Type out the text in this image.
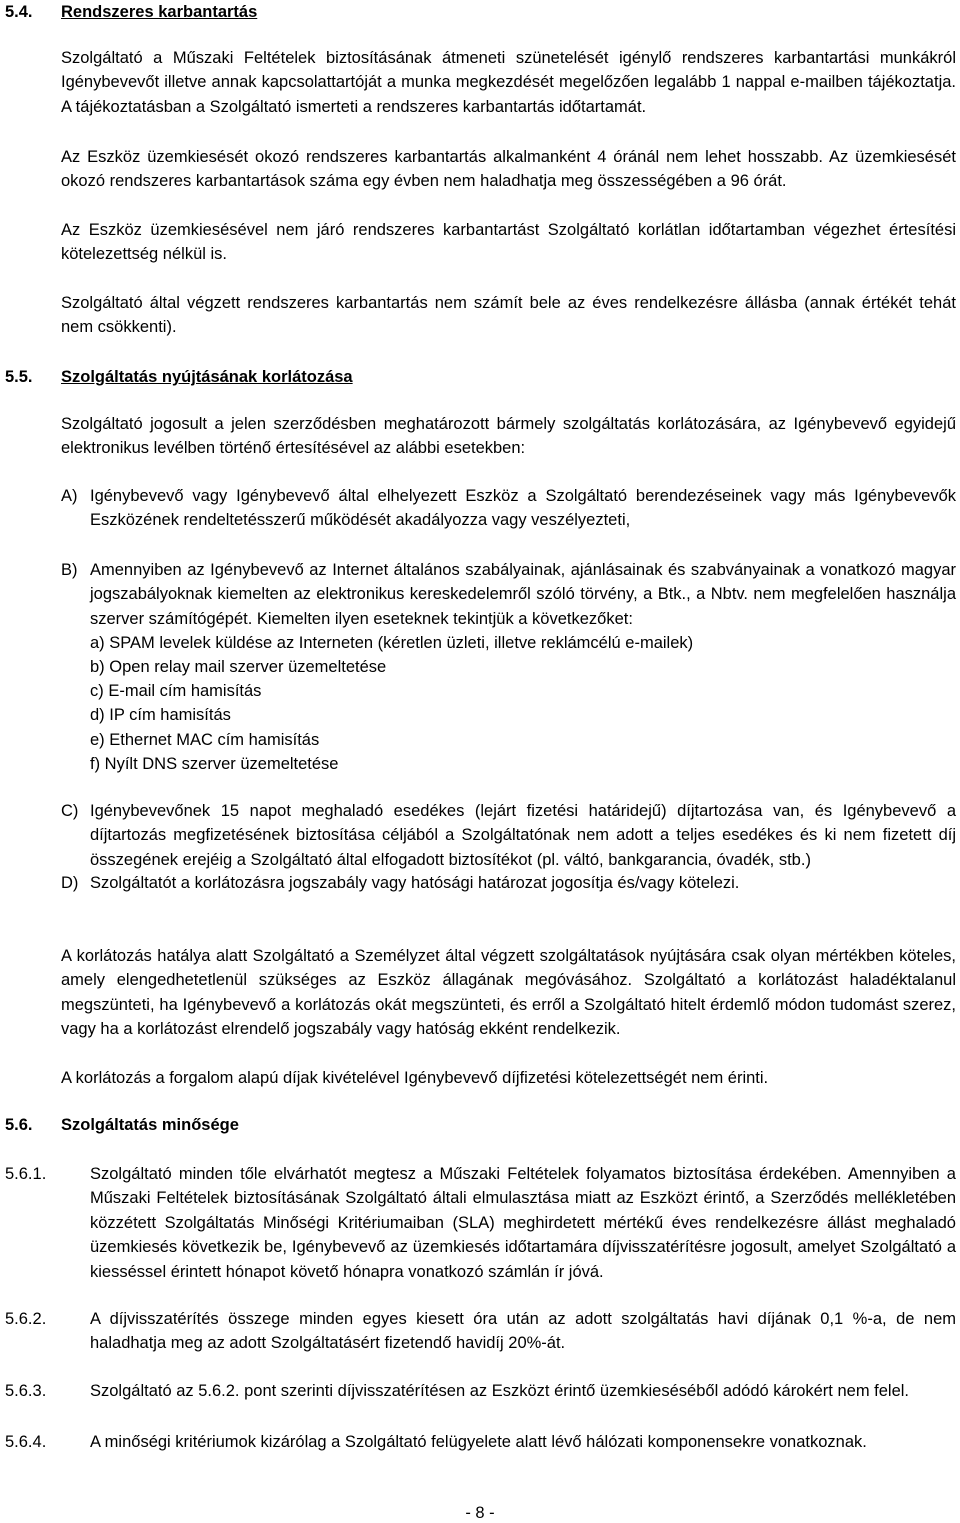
5.4. Rendszeres karbantartás
Szolgáltató a Műszaki Feltételek biztosításának átmeneti szünetelését igénylő rendszeres karbantartási munkákról Igénybevevőt illetve annak kapcsolattartóját a munka megkezdését megelőzően legalább 1 nappal e-mailben tájékoztatja. A tájékoztatásban a Szolgáltató ismerteti a rendszeres karbantartás időtartamát.
Az Eszköz üzemkiesését okozó rendszeres karbantartás alkalmanként 4 óránál nem lehet hosszabb. Az üzemkiesését okozó rendszeres karbantartások száma egy évben nem haladhatja meg összességében a 96 órát.
Az Eszköz üzemkiesésével nem járó rendszeres karbantartást Szolgáltató korlátlan időtartamban végezhet értesítési kötelezettség nélkül is.
Szolgáltató által végzett rendszeres karbantartás nem számít bele az éves rendelkezésre állásba (annak értékét tehát nem csökkenti).
5.5. Szolgáltatás nyújtásának korlátozása
Szolgáltató jogosult a jelen szerződésben meghatározott bármely szolgáltatás korlátozására, az Igénybevevő egyidejű elektronikus levélben történő értesítésével az alábbi esetekben:
A) Igénybevevő vagy Igénybevevő által elhelyezett Eszköz a Szolgáltató berendezéseinek vagy más Igénybevevők Eszközének rendeltetésszerű működését akadályozza vagy veszélyezteti,
B) Amennyiben az Igénybevevő az Internet általános szabályainak, ajánlásainak és szabványainak a vonatkozó magyar jogszabályoknak kiemelten az elektronikus kereskedelemről szóló törvény, a Btk., a Nbtv. nem megfelelően használja szerver számítógépét. Kiemelten ilyen eseteknek tekintjük a következőket:
a) SPAM levelek küldése az Interneten (kéretlen üzleti, illetve reklámcélú e-mailek)
b) Open relay mail szerver üzemeltetése
c) E-mail cím hamisítás
d) IP cím hamisítás
e) Ethernet MAC cím hamisítás
f) Nyílt DNS szerver üzemeltetése
C) Igénybevevőnek 15 napot meghaladó esedékes (lejárt fizetési határidejű) díjtartozása van, és Igénybevevő a díjtartozás megfizetésének biztosítása céljából a Szolgáltatónak nem adott a teljes esedékes és ki nem fizetett díj összegének erejéig a Szolgáltató által elfogadott biztosítékot (pl. váltó, bankgarancia, óvadék, stb.)
D) Szolgáltatót a korlátozásra jogszabály vagy hatósági határozat jogosítja és/vagy kötelezi.
A korlátozás hatálya alatt Szolgáltató a Személyzet által végzett szolgáltatások nyújtására csak olyan mértékben köteles, amely elengedhetetlenül szükséges az Eszköz állagának megóvásához. Szolgáltató a korlátozást haladéktalanul megszünteti, ha Igénybevevő a korlátozás okát megszünteti, és erről a Szolgáltató hitelt érdemlő módon tudomást szerez, vagy ha a korlátozást elrendelő jogszabály vagy hatóság ekként rendelkezik.
A korlátozás a forgalom alapú díjak kivételével Igénybevevő díjfizetési kötelezettségét nem érinti.
5.6. Szolgáltatás minősége
5.6.1.	Szolgáltató minden tőle elvárhatót megtesz a Műszaki Feltételek folyamatos biztosítása érdekében. Amennyiben a Műszaki Feltételek biztosításának Szolgáltató általi elmulasztása miatt az Eszközt érintő, a Szerződés mellékletében közzétett Szolgáltatás Minőségi Kritériumaiban (SLA) meghirdetett mértékű éves rendelkezésre állást meghaladó üzemkiesés következik be, Igénybevevő az üzemkiesés időtartamára díjvisszatérítésre jogosult, amelyet Szolgáltató a kiesséssel érintett hónapot követő hónapra vonatkozó számlán ír jóvá.
5.6.2.	A díjvisszatérítés összege minden egyes kiesett óra után az adott szolgáltatás havi díjának 0,1 %-a, de nem haladhatja meg az adott Szolgáltatásért fizetendő havidíj 20%-át.
5.6.3.	Szolgáltató az 5.6.2. pont szerinti díjvisszatérítésen az Eszközt érintő üzemkieséséből adódó károkért nem felel.
5.6.4.	A minőségi kritériumok kizárólag a Szolgáltató felügyelete alatt lévő hálózati komponensekre vonatkoznak.
- 8 -
